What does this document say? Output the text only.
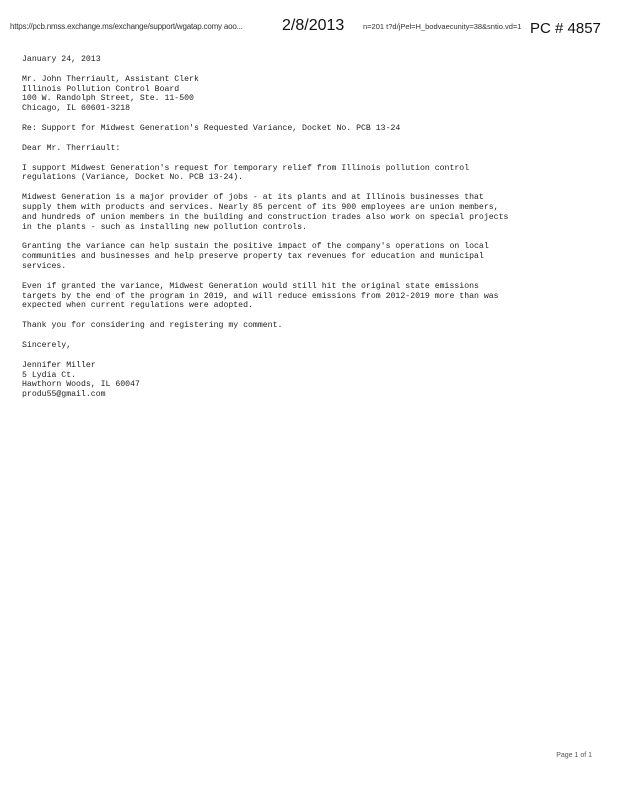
https://pcb.nmss.exchange.ms/exchange/support/wgatap.comy aoo... 2/8/2013 n=201 t?d/jPel=H_bodvaecunity=38&sntio.vd=1 PC # 4857
January 24, 2013
Mr. John Therriault, Assistant Clerk
Illinois Pollution Control Board
100 W. Randolph Street, Ste. 11-500
Chicago, IL 60601-3218
Re: Support for Midwest Generation's Requested Variance, Docket No. PCB 13-24
Dear Mr. Therriault:
I support Midwest Generation's request for temporary relief from Illinois pollution control
regulations (Variance, Docket No. PCB 13-24).
Midwest Generation is a major provider of jobs - at its plants and at Illinois businesses that
supply them with products and services. Nearly 85 percent of its 900 employees are union members,
and hundreds of union members in the building and construction trades also work on special projects
in the plants - such as installing new pollution controls.
Granting the variance can help sustain the positive impact of the company's operations on local
communities and businesses and help preserve property tax revenues for education and municipal
services.
Even if granted the variance, Midwest Generation would still hit the original state emissions
targets by the end of the program in 2019, and will reduce emissions from 2012-2019 more than was
expected when current regulations were adopted.
Thank you for considering and registering my comment.
Sincerely,
Jennifer Miller
5 Lydia Ct.
Hawthorn Woods, IL 60047
produ55@gmail.com
Page 1 of 1
